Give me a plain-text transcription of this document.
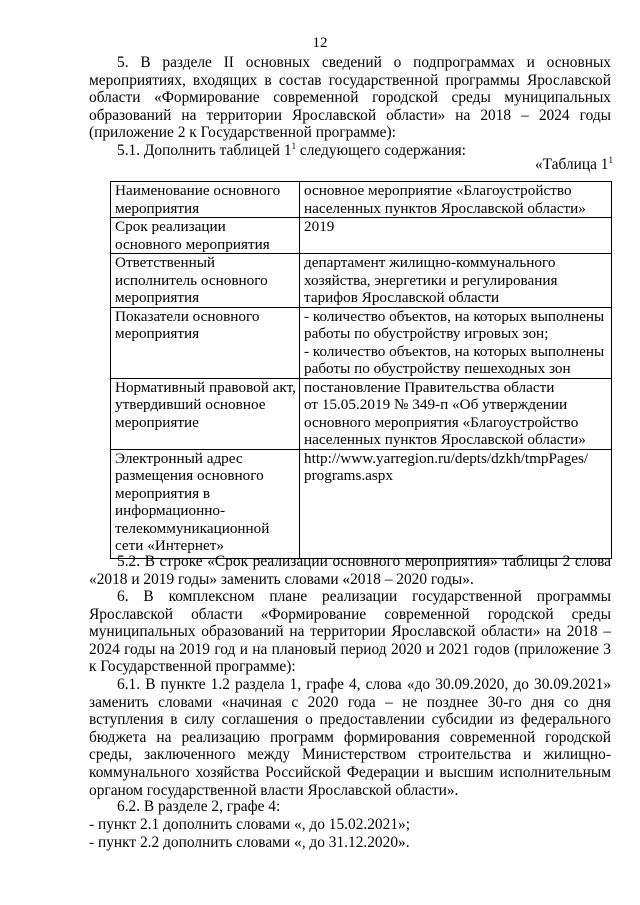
12
5. В разделе II основных сведений о подпрограммах и основных мероприятиях, входящих в состав государственной программы Ярославской области «Формирование современной городской среды муниципальных образований на территории Ярославской области» на 2018 – 2024 годы (приложение 2 к Государственной программе):
5.1. Дополнить таблицей $1^1$ следующего содержания:
«Таблица $1^1$
Наименование основного мероприятия	основное мероприятие «Благоустройство населенных пунктов Ярославской области»

Срок реализации основного мероприятия	2019

Ответственный исполнитель основного мероприятия	департамент жилищно-коммунального хозяйства, энергетики и регулирования тарифов Ярославской области

Показатели основного мероприятия	- количество объектов, на которых выполнены работы по обустройству игровых зон;
- количество объектов, на которых выполнены работы по обустройству пешеходных зон

Нормативный правовой акт, утвердивший основное мероприятие	постановление Правительства области
от 15.05.2019 № 349-п «Об утверждении основного мероприятия «Благоустройство населенных пунктов Ярославской области»

Электронный адрес размещения основного мероприятия в информационно-телекоммуникационной сети «Интернет»	http://www.yarregion.ru/depts/dzkh/tmpPages/ programs.aspx
5.2. В строке «Срок реализации основного мероприятия» таблицы 2 слова «2018 и 2019 годы» заменить словами «2018 – 2020 годы».
6. В комплексном плане реализации государственной программы Ярославской области «Формирование современной городской среды муниципальных образований на территории Ярославской области» на 2018 – 2024 годы на 2019 год и на плановый период 2020 и 2021 годов (приложение 3 к Государственной программе):
6.1. В пункте 1.2 раздела 1, графе 4, слова «до 30.09.2020, до 30.09.2021» заменить словами «начиная с 2020 года – не позднее 30-го дня со дня вступления в силу соглашения о предоставлении субсидии из федерального бюджета на реализацию программ формирования современной городской среды, заключенного между Министерством строительства и жилищно-коммунального хозяйства Российской Федерации и высшим исполнительным органом государственной власти Ярославской области».
6.2. В разделе 2, графе 4:
- пункт 2.1 дополнить словами «, до 15.02.2021»;
- пункт 2.2 дополнить словами «, до 31.12.2020».
